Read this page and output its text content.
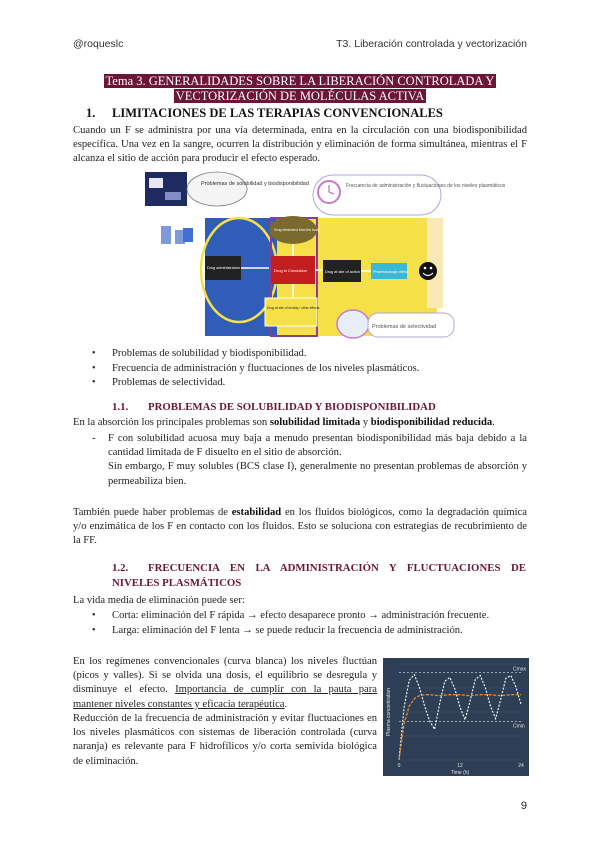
@roqueslc	T3. Liberación controlada y vectorización
Tema 3. GENERALIDADES SOBRE LA LIBERACIÓN CONTROLADA Y VECTORIZACIÓN DE MOLÉCULAS ACTIVA
1. LIMITACIONES DE LAS TERAPIAS CONVENCIONALES
Cuando un F se administra por una vía determinada, entra en la circulación con una biodisponibilidad específica. Una vez en la sangre, ocurren la distribución y eliminación de forma simultánea, mientras el F alcanza el sitio de acción para producir el efecto esperado.
Problemas de solubilidad y biodisponibilidad	Frecuencia de administración y fluctuaciones de los niveles plasmáticos
Drug administration
Drug eliminated from the body
Drug in Circulation	Drug at site of action	Pharmacologic effect
Drug at site of toxicity / other effects
Problemas de selectividad
• Problemas de solubilidad y biodisponibilidad.
• Frecuencia de administración y fluctuaciones de los niveles plasmáticos.
• Problemas de selectividad.
1.1. PROBLEMAS DE SOLUBILIDAD Y BIODISPONIBILIDAD
En la absorción los principales problemas son solubilidad limitada y biodisponibilidad reducida.
- F con solubilidad acuosa muy baja a menudo presentan biodisponibilidad más baja debido a la cantidad limitada de F disuelto en el sitio de absorción.

Sin embargo, F muy solubles (BCS clase I), generalmente no presentan problemas de absorción y permeabiliza bien.

También puede haber problemas de estabilidad en los fluidos biológicos, como la degradación química y/o enzimática de los F en contacto con los fluidos. Esto se soluciona con estrategias de recubrimiento de la FF.
1.2. FRECUENCIA EN LA ADMINISTRACIÓN Y FLUCTUACIONES DE NIVELES PLASMÁTICOS
La vida media de eliminación puede ser:
• Corta: eliminación del F rápida → efecto desaparece pronto → administración frecuente.
• Larga: eliminación del F lenta → se puede reducir la frecuencia de administración.
En los regímenes convencionales (curva blanca) los niveles fluctúan (picos y valles). Si se olvida una dosis, el equilibrio se desregula y disminuye el efecto. Importancia de cumplir con la pauta para mantener niveles constantes y eficacia terapéutica.
Reducción de la frecuencia de administración y evitar fluctuaciones en los niveles plasmáticos con sistemas de liberación controlada (curva naranja) es relevante para F hidrofílicos y/o corta semivida biológica de eliminación.
Cmax
Cmin
0	12	24
Time (h)
Plasma concentration
9
